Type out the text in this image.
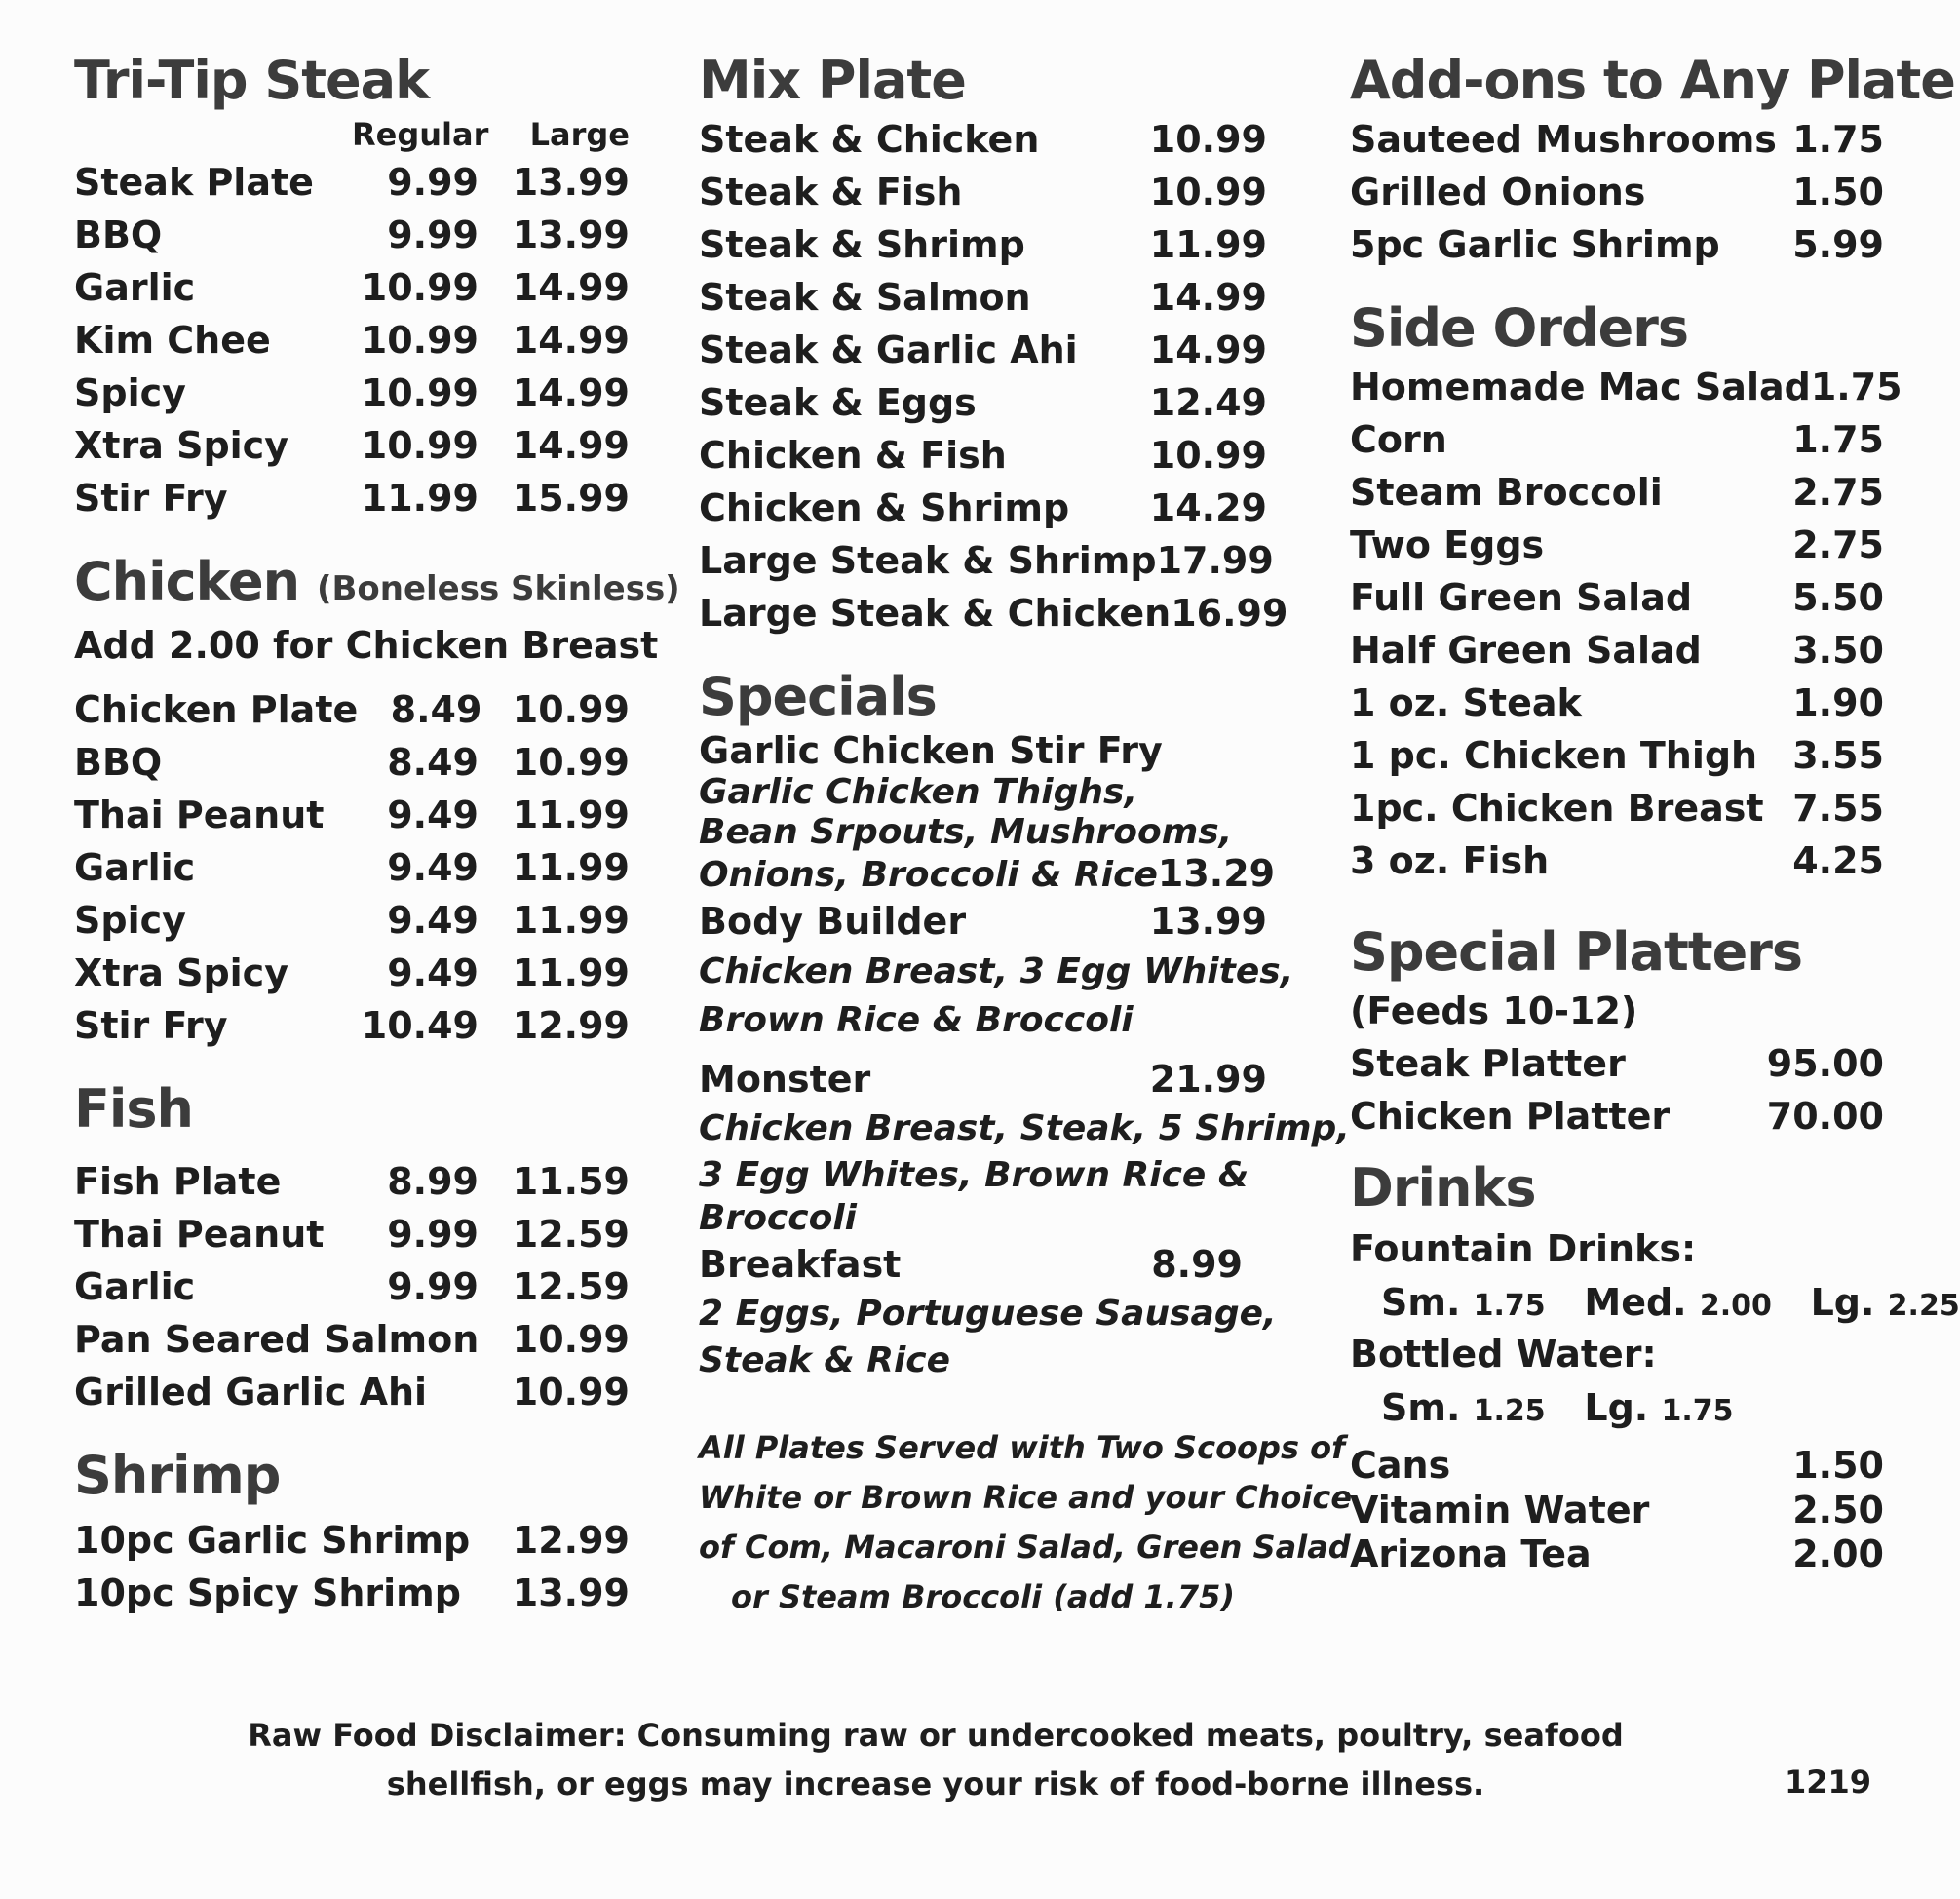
Tri-Tip Steak
Regular	Large
Steak Plate	9.99 13.99
BBQ	9.99 13.99
Garlic	10.99 14.99
Kim Chee	10.99 14.99
Spicy	10.99 14.99
Xtra Spicy	10.99 14.99
Stir Fry	11.99 15.99
Chicken (Boneless Skinless)
Add 2.00 for Chicken Breast
Chicken Plate 8.49 10.99
BBQ	8.49 10.99
Thai Peanut	9.49 11.99
Garlic	9.49 11.99
Spicy	9.49 11.99
Xtra Spicy	9.49 11.99
Stir Fry	10.49 12.99
Fish
Fish Plate	8.99 11.59
Thai Peanut	9.99 12.59
Garlic	9.99 12.59
Pan Seared Salmon 10.99
Grilled Garlic Ahi 10.99
Shrimp
10pc Garlic Shrimp 12.99
10pc Spicy Shrimp 13.99
Mix Plate
Steak & Chicken	10.99
Steak & Fish	10.99
Steak & Shrimp	11.99
Steak & Salmon	14.99
Steak & Garlic Ahi	14.99
Steak & Eggs	12.49
Chicken & Fish	10.99
Chicken & Shrimp	14.29
Large Steak & Shrimp 17.99
Large Steak & Chicken 16.99
Specials
Garlic Chicken Stir Fry
Garlic Chicken Thighs,
Bean Srpouts, Mushrooms,
Onions, Broccoli & Rice 13.29
Body Builder	13.99
Chicken Breast, 3 Egg Whites,
Brown Rice & Broccoli
Monster	21.99
Chicken Breast, Steak, 5 Shrimp,
3 Egg Whites, Brown Rice &
Broccoli
Breakfast	8.99
2 Eggs, Portuguese Sausage,
Steak & Rice
All Plates Served with Two Scoops of
White or Brown Rice and your Choice
of Com, Macaroni Salad, Green Salad
or Steam Broccoli (add 1.75)
Add-ons to Any Plate
Sauteed Mushrooms 1.75
Grilled Onions	1.50
5pc Garlic Shrimp	5.99
Side Orders
Homemade Mac Salad 1.75
Corn	1.75
Steam Broccoli	2.75
Two Eggs	2.75
Full Green Salad	5.50
Half Green Salad	3.50
1 oz. Steak	1.90
1 pc. Chicken Thigh 3.55
1pc. Chicken Breast 7.55
3 oz. Fish	4.25
Special Platters
(Feeds 10-12)
Steak Platter	95.00
Chicken Platter	70.00
Drinks
Fountain Drinks:
Sm. 1.75 Med. 2.00 Lg. 2.25
Bottled Water:
Sm. 1.25 Lg. 1.75
Cans	1.50
Vitamin Water	2.50
Arizona Tea	2.00
Raw Food Disclaimer: Consuming raw or undercooked meats, poultry, seafood
shellfish, or eggs may increase your risk of food-borne illness.	1219
